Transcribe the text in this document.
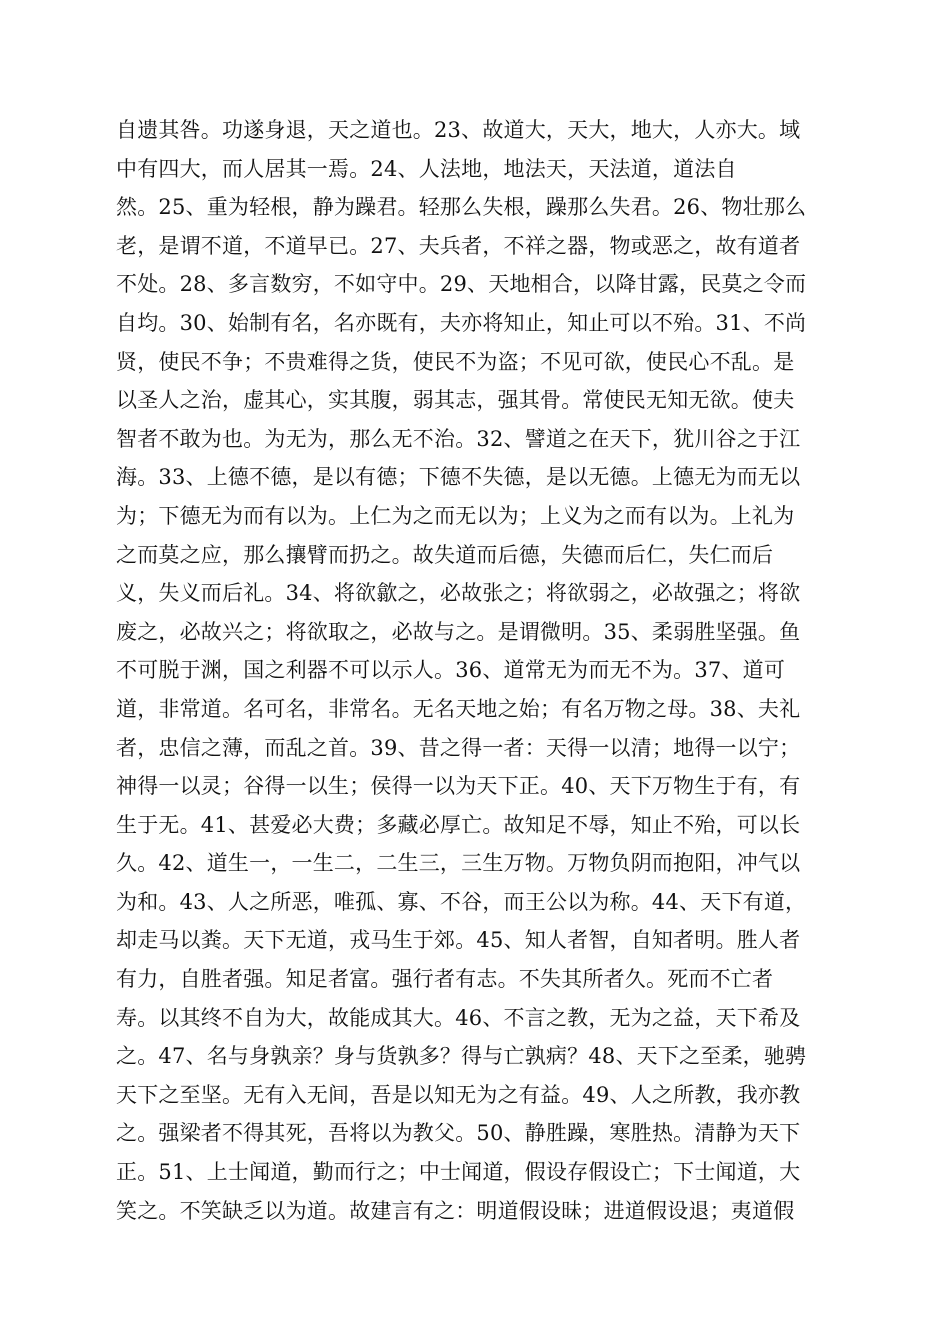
自遗其咎。功遂身退，天之道也。23、故道大，天大，地大，人亦大。域
中有四大，而人居其一焉。24、人法地，地法天，天法道，道法自
然。25、重为轻根，静为躁君。轻那么失根，躁那么失君。26、物壮那么
老，是谓不道，不道早已。27、夫兵者，不祥之器，物或恶之，故有道者
不处。28、多言数穷，不如守中。29、天地相合，以降甘露，民莫之令而
自均。30、始制有名，名亦既有，夫亦将知止，知止可以不殆。31、不尚
贤，使民不争；不贵难得之货，使民不为盗；不见可欲，使民心不乱。是
以圣人之治，虚其心，实其腹，弱其志，强其骨。常使民无知无欲。使夫
智者不敢为也。为无为，那么无不治。32、譬道之在天下，犹川谷之于江
海。33、上德不德，是以有德；下德不失德，是以无德。上德无为而无以
为；下德无为而有以为。上仁为之而无以为；上义为之而有以为。上礼为
之而莫之应，那么攘臂而扔之。故失道而后德，失德而后仁，失仁而后
义，失义而后礼。34、将欲歙之，必故张之；将欲弱之，必故强之；将欲
废之，必故兴之；将欲取之，必故与之。是谓微明。35、柔弱胜坚强。鱼
不可脱于渊，国之利器不可以示人。36、道常无为而无不为。37、道可
道，非常道。名可名，非常名。无名天地之始；有名万物之母。38、夫礼
者，忠信之薄，而乱之首。39、昔之得一者：天得一以清；地得一以宁；
神得一以灵；谷得一以生；侯得一以为天下正。40、天下万物生于有，有
生于无。41、甚爱必大费；多藏必厚亡。故知足不辱，知止不殆，可以长
久。42、道生一，一生二，二生三，三生万物。万物负阴而抱阳，冲气以
为和。43、人之所恶，唯孤、寡、不谷，而王公以为称。44、天下有道，
却走马以粪。天下无道，戎马生于郊。45、知人者智，自知者明。胜人者
有力，自胜者强。知足者富。强行者有志。不失其所者久。死而不亡者
寿。以其终不自为大，故能成其大。46、不言之教，无为之益，天下希及
之。47、名与身孰亲？身与货孰多？得与亡孰病？48、天下之至柔，驰骋
天下之至坚。无有入无间，吾是以知无为之有益。49、人之所教，我亦教
之。强梁者不得其死，吾将以为教父。50、静胜躁，寒胜热。清静为天下
正。51、上士闻道，勤而行之；中士闻道，假设存假设亡；下士闻道，大
笑之。不笑缺乏以为道。故建言有之：明道假设昧；进道假设退；夷道假
